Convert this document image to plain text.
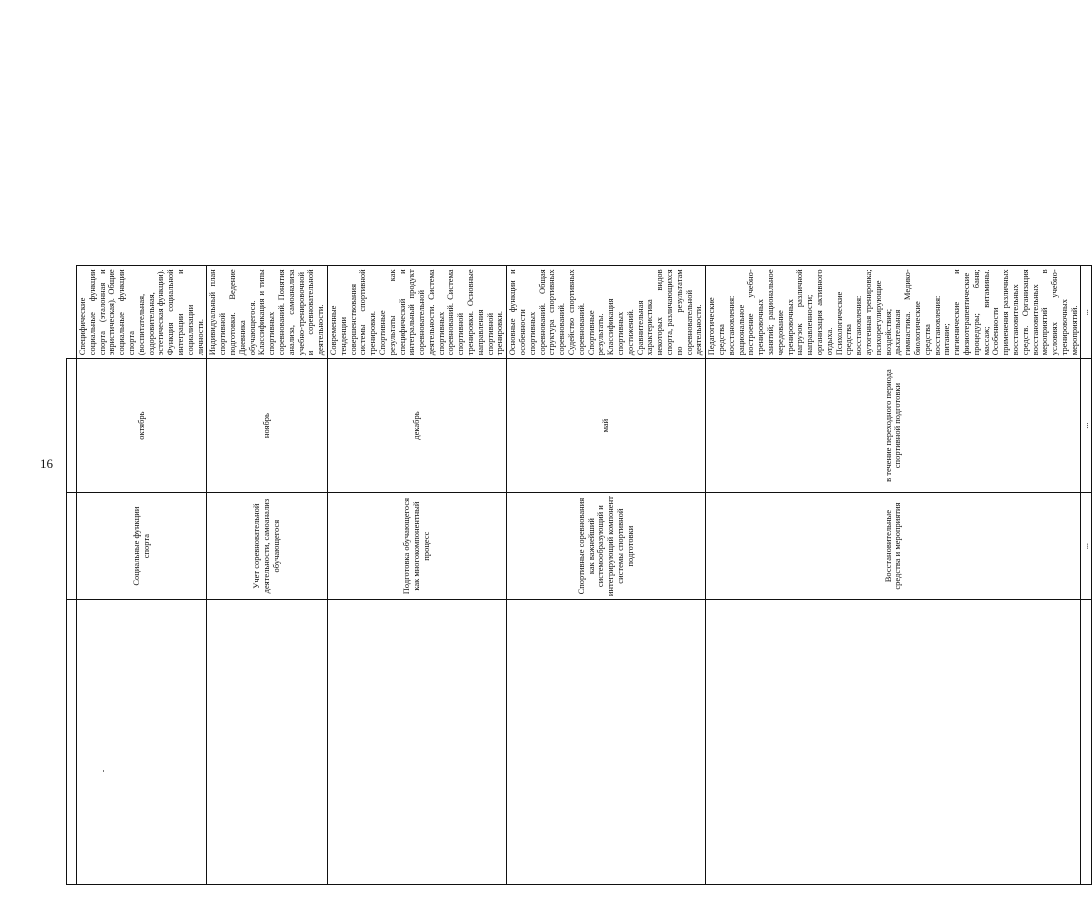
16

	Социальные функции спорта	октябрь	Специфические социальные функции спорта (эталонная и эвристическая). Общие социальные функции спорта (воспитательная, оздоровительная, эстетическая функции). Функция социальной интеграции и социализации личности.
	Учет соревновательной деятельности, самоанализ обучающегося	ноябрь	Индивидуальный план спортивной подготовки. Ведение Дневника обучающегося. Классификация и типы спортивных соревнований. Понятия анализа, самоанализа учебно-тренировочной и соревновательной деятельности.
	Подготовка обучающегося как многокомпонентный процесс	декабрь	Современные тенденции совершенствования системы спортивной тренировки. Спортивные результаты как специфический и интегральный продукт соревновательной деятельности. Система спортивных соревнований. Система спортивной тренировки. Основные направления спортивной тренировки.
	Спортивные соревнования как важнейший системообразующий и интегрирующий компонент системы спортивной подготовки	май	Основные функции и особенности спортивных соревнований. Общая структура спортивных соревнований. Судейство спортивных соревнований. Спортивные результаты. Классификация спортивных достижений. Сравнительная характеристика некоторых видов спорта, различающихся по результатам соревновательной деятельности.
	Восстановительные средства и мероприятия	в течение переходного периода спортивной подготовки	Педагогические средства восстановления: рациональное построение учебно-тренировочных занятий; рациональное чередование тренировочных нагрузок различной направленности; организация активного отдыха. Психологические средства восстановления: аутогенная тренировка; психорегулирующие воздействия; дыхательная гимнастика. Медико-биологические средства восстановления: питание; гигиенические и физиотерапевтические процедуры; баня; массаж; витамины. Особенности применения различных восстановительных средств. Организация восстановительных мероприятий в условиях учебно-тренировочных мероприятий.
	...	...	...
